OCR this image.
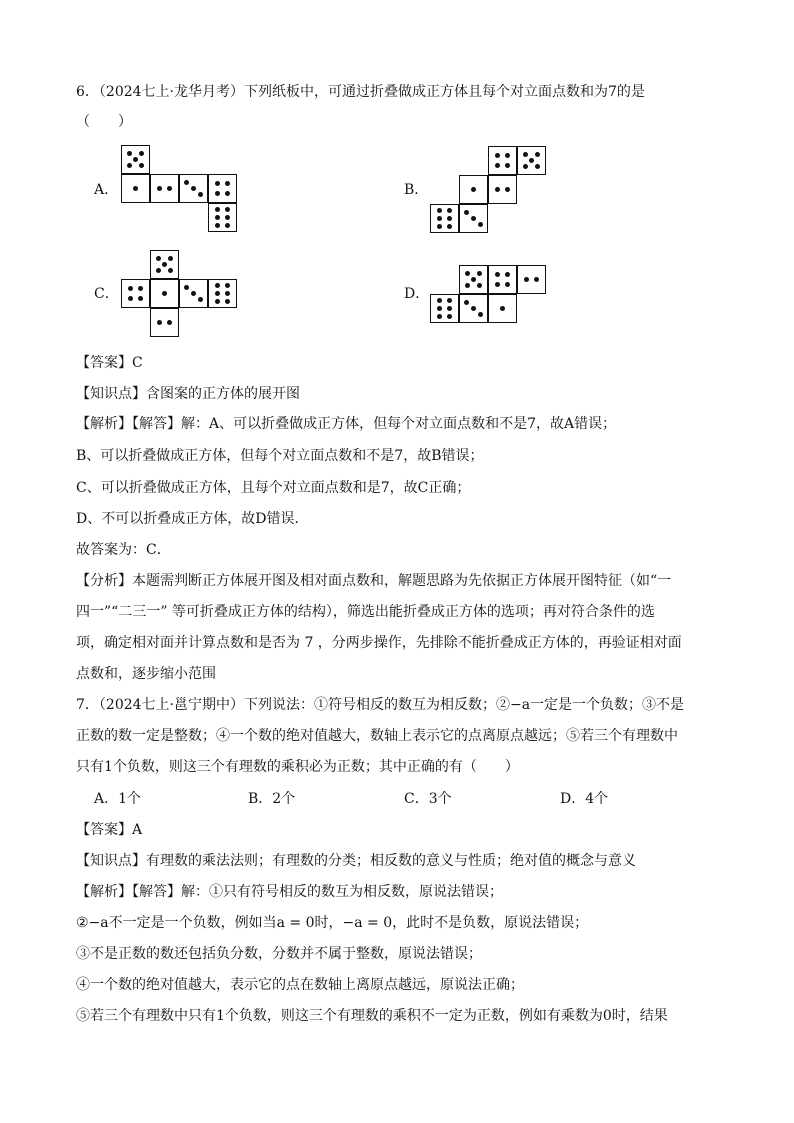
6．（2024七上·龙华月考）下列纸板中，可通过折叠做成正方体且每个对立面点数和为7的是
（　　）
A．	B．
C．	D．
【答案】C
【知识点】含图案的正方体的展开图
【解析】【解答】解：A、可以折叠做成正方体，但每个对立面点数和不是7，故A错误；
B、可以折叠做成正方体，但每个对立面点数和不是7，故B错误；
C、可以折叠做成正方体，且每个对立面点数和是7，故C正确；
D、不可以折叠成正方体，故D错误．
故答案为：C．
【分析】本题需判断正方体展开图及相对面点数和，解题思路为先依据正方体展开图特征（如“一
四一”“二三一” 等可折叠成正方体的结构），筛选出能折叠成正方体的选项；再对符合条件的选
项，确定相对面并计算点数和是否为 7 ，分两步操作，先排除不能折叠成正方体的，再验证相对面
点数和，逐步缩小范围
7．（2024七上·邕宁期中）下列说法：①符号相反的数互为相反数；②−a一定是一个负数；③不是
正数的数一定是整数；④一个数的绝对值越大，数轴上表示它的点离原点越远；⑤若三个有理数中
只有1个负数，则这三个有理数的乘积必为正数；其中正确的有（　　）
A．1个	B．2个	C．3个	D．4个
【答案】A
【知识点】有理数的乘法法则；有理数的分类；相反数的意义与性质；绝对值的概念与意义
【解析】【解答】解：①只有符号相反的数互为相反数，原说法错误；
②−a不一定是一个负数，例如当a = 0时，−a = 0，此时不是负数，原说法错误；
③不是正数的数还包括负分数，分数并不属于整数，原说法错误；
④一个数的绝对值越大，表示它的点在数轴上离原点越远，原说法正确；
⑤若三个有理数中只有1个负数，则这三个有理数的乘积不一定为正数，例如有乘数为0时，结果
